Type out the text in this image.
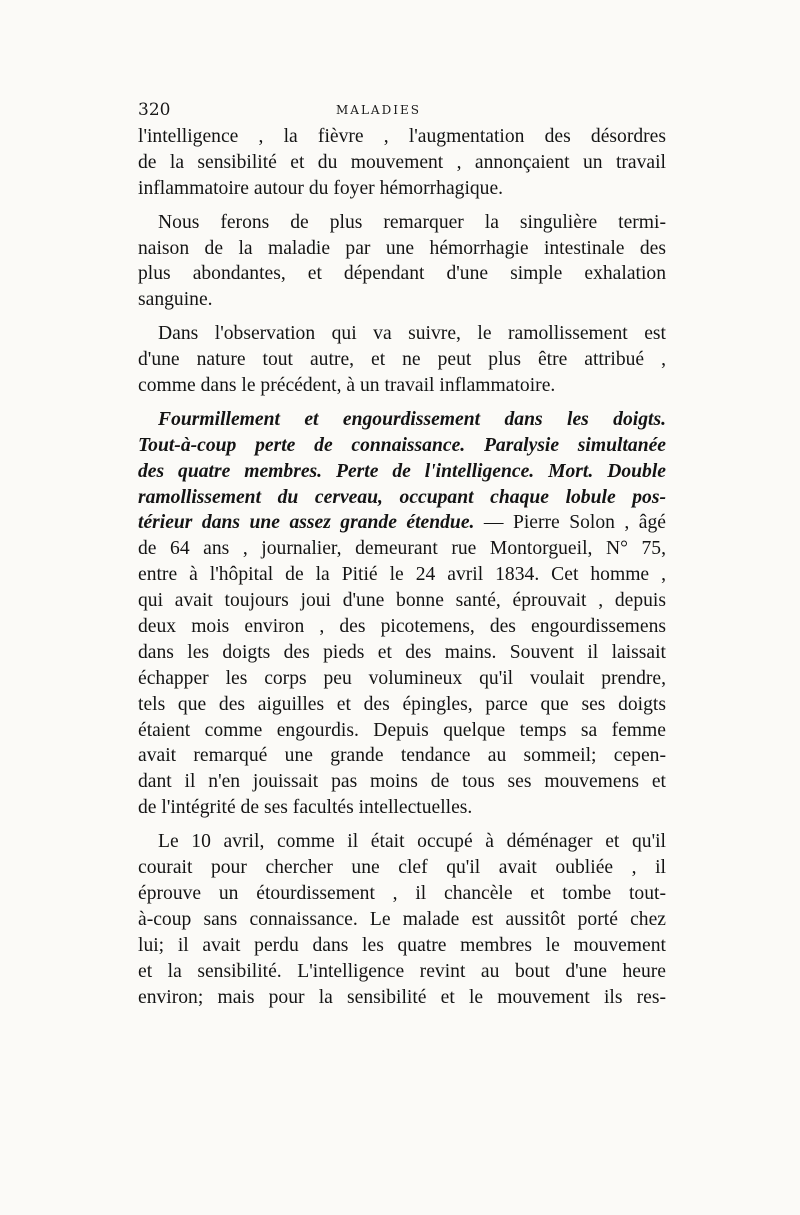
320	MALADIES
l'intelligence , la fièvre , l'augmentation des désordres
de la sensibilité et du mouvement , annonçaient un travail
inflammatoire autour du foyer hémorrhagique.
Nous ferons de plus remarquer la singulière termi-
naison de la maladie par une hémorrhagie intestinale des
plus abondantes, et dépendant d'une simple exhalation
sanguine.
Dans l'observation qui va suivre, le ramollissement est
d'une nature tout autre, et ne peut plus être attribué ,
comme dans le précédent, à un travail inflammatoire.
Fourmillement et engourdissement dans les doigts.
Tout-à-coup perte de connaissance. Paralysie simultanée
des quatre membres. Perte de l'intelligence. Mort. Double
ramollissement du cerveau, occupant chaque lobule pos-
térieur dans une assez grande étendue. — Pierre Solon , âgé
de 64 ans , journalier, demeurant rue Montorgueil, N° 75,
entre à l'hôpital de la Pitié le 24 avril 1834. Cet homme ,
qui avait toujours joui d'une bonne santé, éprouvait , depuis
deux mois environ , des picotemens, des engourdissemens
dans les doigts des pieds et des mains. Souvent il laissait
échapper les corps peu volumineux qu'il voulait prendre,
tels que des aiguilles et des épingles, parce que ses doigts
étaient comme engourdis. Depuis quelque temps sa femme
avait remarqué une grande tendance au sommeil; cepen-
dant il n'en jouissait pas moins de tous ses mouvemens et
de l'intégrité de ses facultés intellectuelles.
Le 10 avril, comme il était occupé à déménager et qu'il
courait pour chercher une clef qu'il avait oubliée , il
éprouve un étourdissement , il chancèle et tombe tout-
à-coup sans connaissance. Le malade est aussitôt porté chez
lui; il avait perdu dans les quatre membres le mouvement
et la sensibilité. L'intelligence revint au bout d'une heure
environ; mais pour la sensibilité et le mouvement ils res-
